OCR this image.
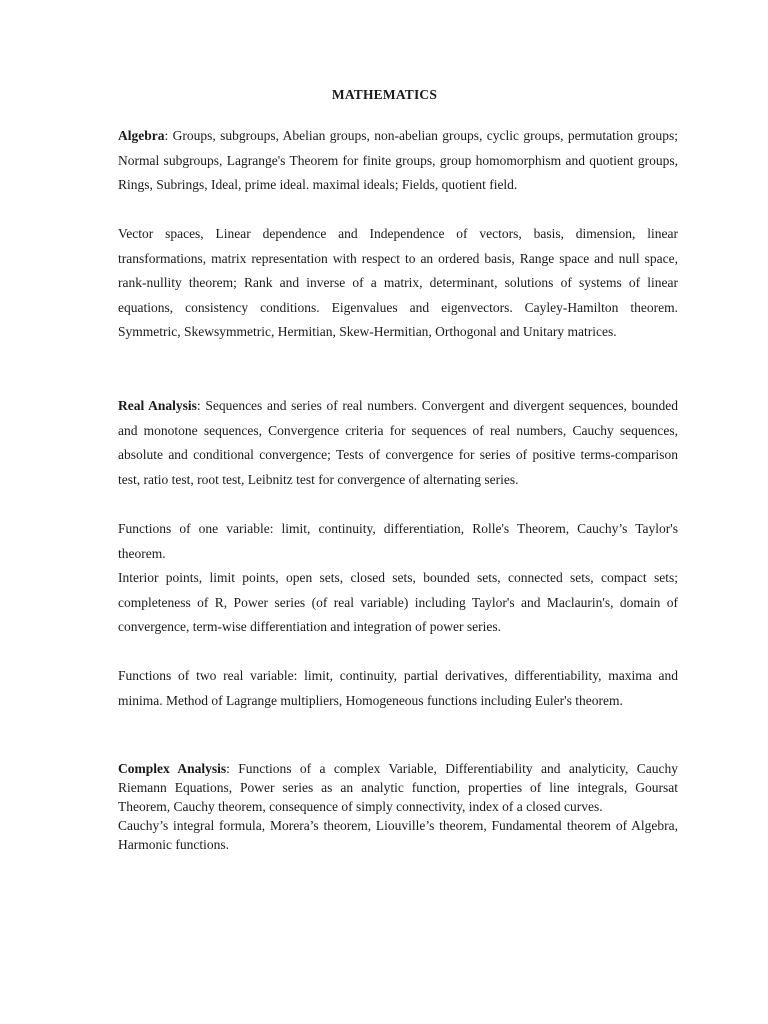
MATHEMATICS

Algebra: Groups, subgroups, Abelian groups, non-abelian groups, cyclic groups, permutation groups; Normal subgroups, Lagrange's Theorem for finite groups, group homomorphism and quotient groups, Rings, Subrings, Ideal, prime ideal. maximal ideals; Fields, quotient field.

Vector spaces, Linear dependence and Independence of vectors, basis, dimension, linear transformations, matrix representation with respect to an ordered basis, Range space and null space, rank-nullity theorem; Rank and inverse of a matrix, determinant, solutions of systems of linear equations, consistency conditions. Eigenvalues and eigenvectors. Cayley-Hamilton theorem. Symmetric, Skewsymmetric, Hermitian, Skew-Hermitian, Orthogonal and Unitary matrices.

Real Analysis: Sequences and series of real numbers. Convergent and divergent sequences, bounded and monotone sequences, Convergence criteria for sequences of real numbers, Cauchy sequences, absolute and conditional convergence; Tests of convergence for series of positive terms-comparison test, ratio test, root test, Leibnitz test for convergence of alternating series.

Functions of one variable: limit, continuity, differentiation, Rolle's Theorem, Cauchy’s Taylor's theorem.

Interior points, limit points, open sets, closed sets, bounded sets, connected sets, compact sets; completeness of R, Power series (of real variable) including Taylor's and Maclaurin's, domain of convergence, term-wise differentiation and integration of power series.

Functions of two real variable: limit, continuity, partial derivatives, differentiability, maxima and minima. Method of Lagrange multipliers, Homogeneous functions including Euler's theorem.

Complex Analysis: Functions of a complex Variable, Differentiability and analyticity, Cauchy Riemann Equations, Power series as an analytic function, properties of line integrals, Goursat Theorem, Cauchy theorem, consequence of simply connectivity, index of a closed curves.

Cauchy’s integral formula, Morera’s theorem, Liouville’s theorem, Fundamental theorem of Algebra, Harmonic functions.
